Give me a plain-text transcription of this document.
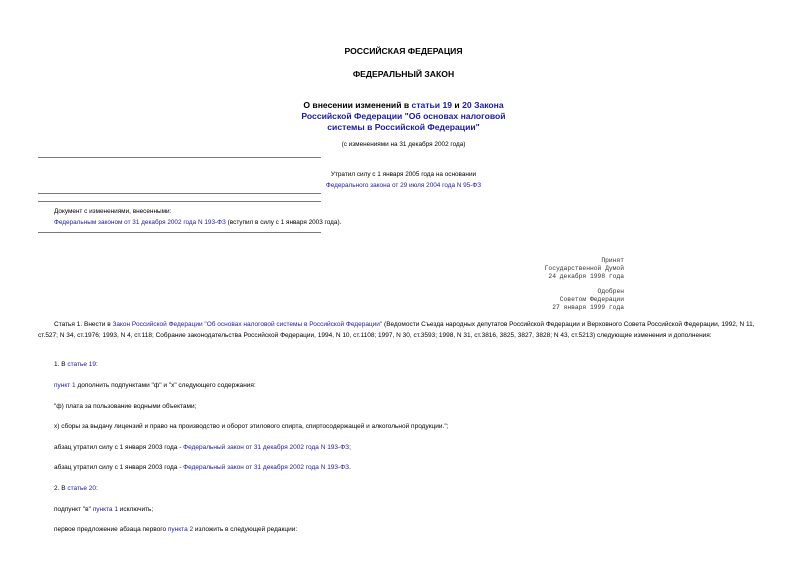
РОССИЙСКАЯ ФЕДЕРАЦИЯ
ФЕДЕРАЛЬНЫЙ ЗАКОН
О внесении изменений в статьи 19 и 20 Закона Российской Федерации "Об основах налоговой системы в Российской Федерации"
(с изменениями на 31 декабря 2002 года)
Утратил силу с 1 января 2005 года на основании
Федерального закона от 29 июля 2004 года N 95-ФЗ
Документ с изменениями, внесенными:
Федеральным законом от 31 декабря 2002 года N 193-ФЗ (вступил в силу с 1 января 2003 года).
Принят
Государственной Думой
24 декабря 1998 года
Одобрен
Советом Федерации
27 января 1999 года
Статья 1. Внести в Закон Российской Федерации "Об основах налоговой системы в Российской Федерации" (Ведомости Съезда народных депутатов Российской Федерации и Верховного Совета Российской Федерации, 1992, N 11, ст.527; N 34, ст.1976; 1993, N 4, ст.118; Собрание законодательства Российской Федерации, 1994, N 10, ст.1108; 1997, N 30, ст.3593; 1998, N 31, ст.3816, 3825, 3827, 3828; N 43, ст.5213) следующие изменения и дополнения:
1. В статье 19:
пункт 1 дополнить подпунктами "ф" и "х" следующего содержания:
"ф) плата за пользование водными объектами;
х) сборы за выдачу лицензий и право на производство и оборот этилового спирта, спиртосодержащей и алкогольной продукции.";
абзац утратил силу с 1 января 2003 года - Федеральный закон от 31 декабря 2002 года N 193-ФЗ;
абзац утратил силу с 1 января 2003 года - Федеральный закон от 31 декабря 2002 года N 193-ФЗ.
2. В статье 20:
подпункт "в" пункта 1 исключить;
первое предложение абзаца первого пункта 2 изложить в следующей редакции:
